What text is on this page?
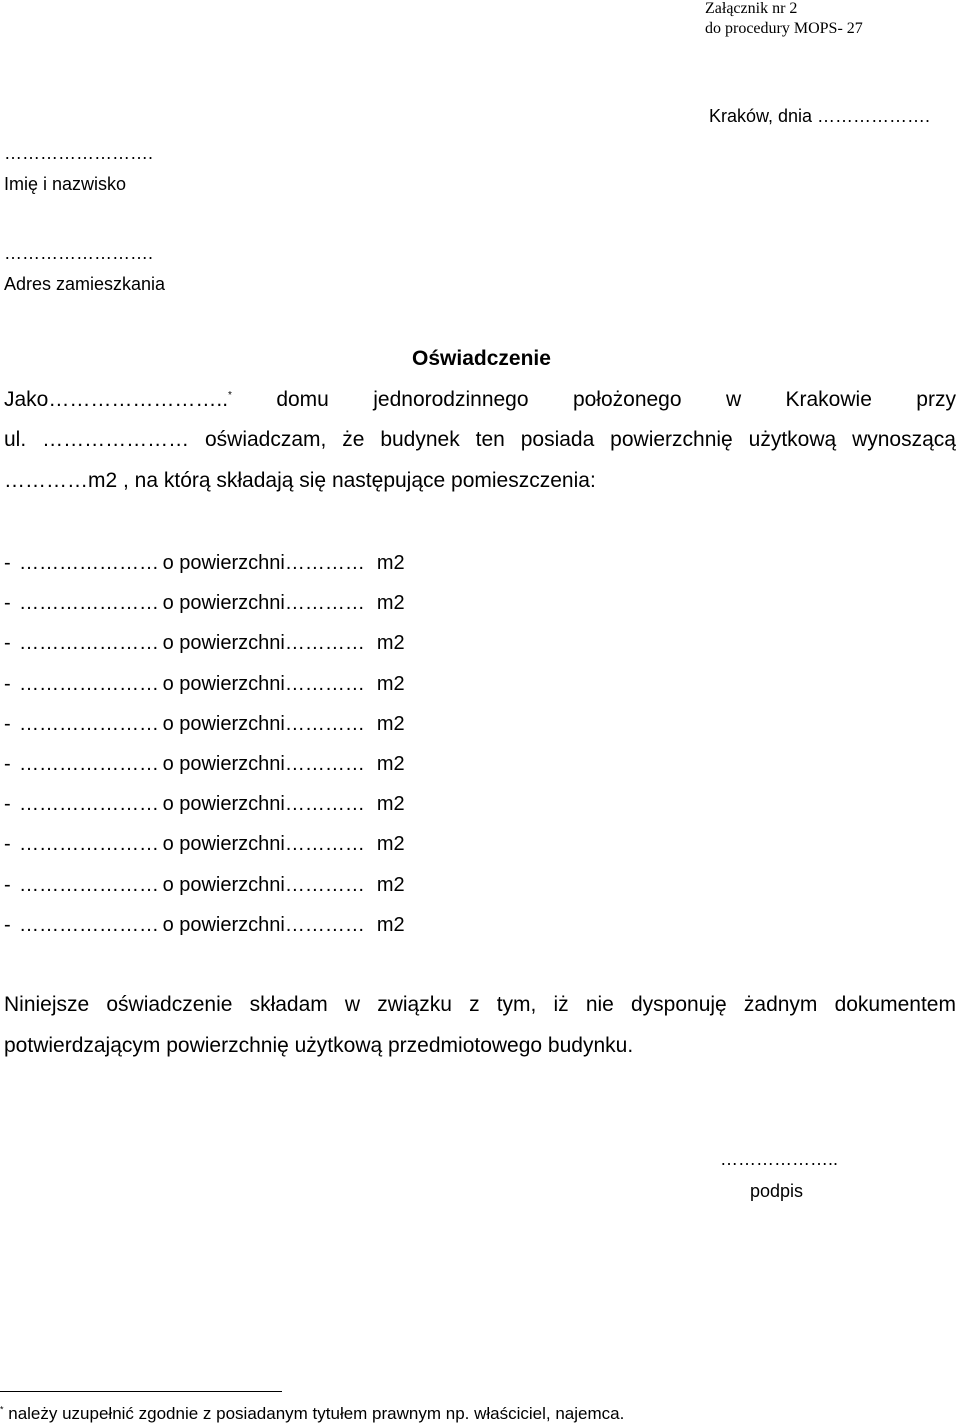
Załącznik nr 2
do procedury MOPS- 27
Kraków, dnia ……………….
…………………….
Imię i nazwisko
…………………….
Adres zamieszkania
Oświadczenie
Jako……………………..* domu jednorodzinnego położonego w Krakowie przy
ul. ………………… oświadczam, że budynek ten posiada powierzchnię użytkową wynoszącą
…………m2 , na którą składają się następujące pomieszczenia:
- …………………
o powierzchni ………… m2
- …………………
o powierzchni ………… m2
- …………………
o powierzchni ………… m2
- …………………
o powierzchni ………… m2
- …………………
o powierzchni ………… m2
- …………………
o powierzchni ………… m2
- …………………
o powierzchni ………… m2
- …………………
o powierzchni ………… m2
- …………………
o powierzchni ………… m2
- …………………
o powierzchni ………… m2
Niniejsze oświadczenie składam w związku z tym, iż nie dysponuję żadnym dokumentem
potwierdzającym powierzchnię użytkową przedmiotowego budynku.
………………..
podpis
* należy uzupełnić zgodnie z posiadanym tytułem prawnym np. właściciel, najemca.
